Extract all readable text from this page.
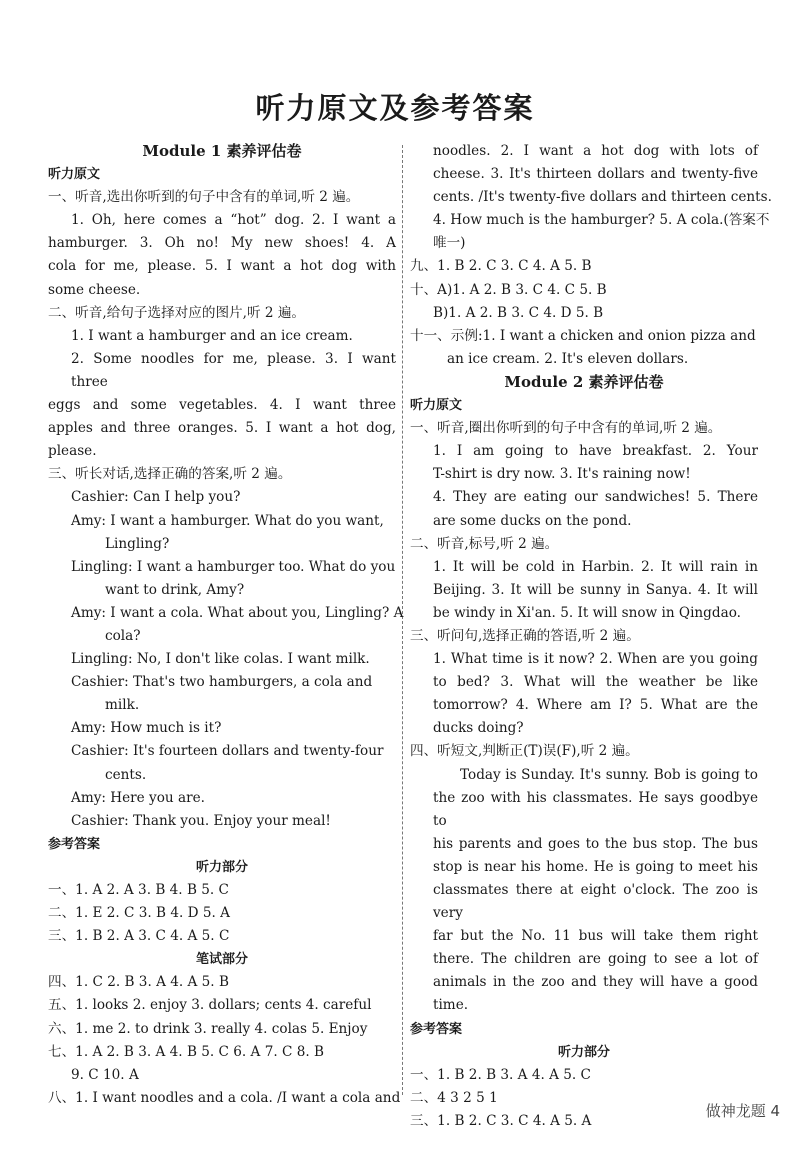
听力原文及参考答案
Module 1 素养评估卷
听力原文
一、听音,选出你听到的句子中含有的单词,听 2 遍。
1. Oh, here comes a “hot” dog. 2. I want a
hamburger. 3. Oh no! My new shoes! 4. A
cola for me, please. 5. I want a hot dog with
some cheese.
二、听音,给句子选择对应的图片,听 2 遍。
1. I want a hamburger and an ice cream.
2. Some noodles for me, please. 3. I want three
eggs and some vegetables. 4. I want three
apples and three oranges. 5. I want a hot dog,
please.
三、听长对话,选择正确的答案,听 2 遍。
Cashier: Can I help you?
Amy: I want a hamburger. What do you want,
Lingling?
Lingling: I want a hamburger too. What do you
want to drink, Amy?
Amy: I want a cola. What about you, Lingling? A
cola?
Lingling: No, I don't like colas. I want milk.
Cashier: That's two hamburgers, a cola and
milk.
Amy: How much is it?
Cashier: It's fourteen dollars and twenty-four
cents.
Amy: Here you are.
Cashier: Thank you. Enjoy your meal!
参考答案
听力部分
一、1. A 2. A 3. B 4. B 5. C
二、1. E 2. C 3. B 4. D 5. A
三、1. B 2. A 3. C 4. A 5. C
笔试部分
四、1. C 2. B 3. A 4. A 5. B
五、1. looks 2. enjoy 3. dollars; cents 4. careful
六、1. me 2. to drink 3. really 4. colas 5. Enjoy
七、1. A 2. B 3. A 4. B 5. C 6. A 7. C 8. B
9. C 10. A
八、1. I want noodles and a cola. /I want a cola and
noodles. 2. I want a hot dog with lots of
cheese. 3. It's thirteen dollars and twenty-five
cents. /It's twenty-five dollars and thirteen cents.
4. How much is the hamburger? 5. A cola.(答案不
唯一)
九、1. B 2. C 3. C 4. A 5. B
十、A)1. A 2. B 3. C 4. C 5. B
B)1. A 2. B 3. C 4. D 5. B
十一、示例:1. I want a chicken and onion pizza and
an ice cream. 2. It's eleven dollars.
Module 2 素养评估卷
听力原文
一、听音,圈出你听到的句子中含有的单词,听 2 遍。
1. I am going to have breakfast. 2. Your
T-shirt is dry now. 3. It's raining now!
4. They are eating our sandwiches! 5. There
are some ducks on the pond.
二、听音,标号,听 2 遍。
1. It will be cold in Harbin. 2. It will rain in
Beijing. 3. It will be sunny in Sanya. 4. It will
be windy in Xi'an. 5. It will snow in Qingdao.
三、听问句,选择正确的答语,听 2 遍。
1. What time is it now? 2. When are you going
to bed? 3. What will the weather be like
tomorrow? 4. Where am I? 5. What are the
ducks doing?
四、听短文,判断正(T)误(F),听 2 遍。
Today is Sunday. It's sunny. Bob is going to
the zoo with his classmates. He says goodbye to
his parents and goes to the bus stop. The bus
stop is near his home. He is going to meet his
classmates there at eight o'clock. The zoo is very
far but the No. 11 bus will take them right
there. The children are going to see a lot of
animals in the zoo and they will have a good
time.
参考答案
听力部分
一、1. B 2. B 3. A 4. A 5. C
二、4 3 2 5 1
三、1. B 2. C 3. C 4. A 5. A
做神龙题 4
